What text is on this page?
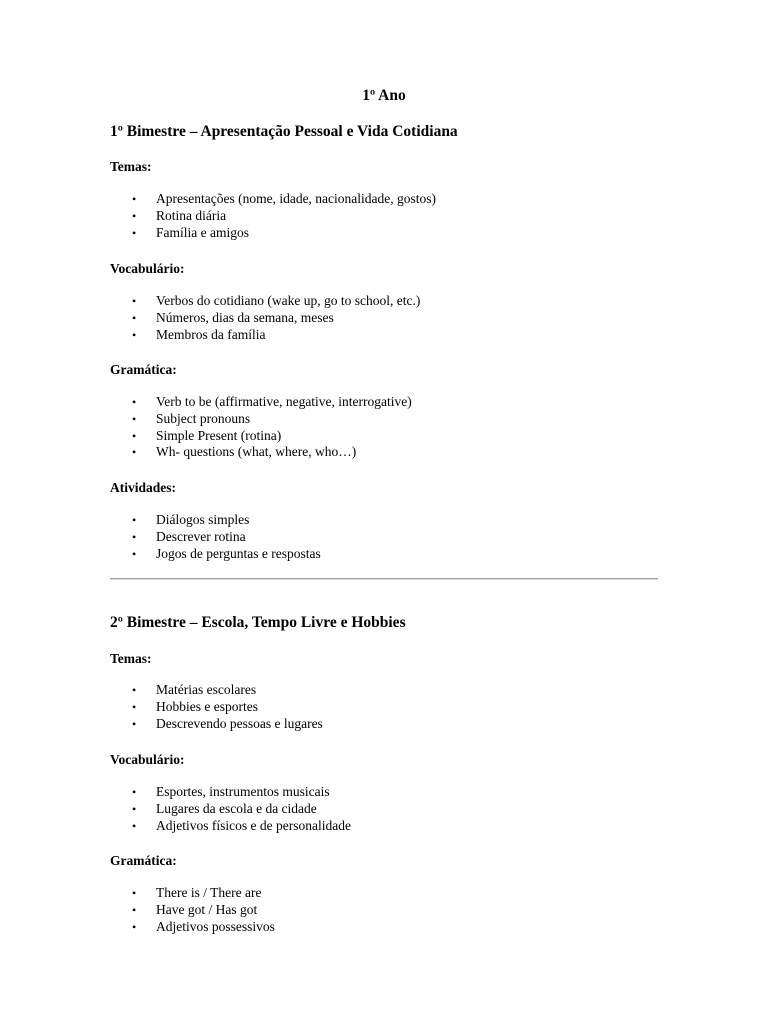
1º Ano
1º Bimestre – Apresentação Pessoal e Vida Cotidiana
Temas:
• Apresentações (nome, idade, nacionalidade, gostos)
• Rotina diária
• Família e amigos
Vocabulário:
• Verbos do cotidiano (wake up, go to school, etc.)
• Números, dias da semana, meses
• Membros da família
Gramática:
• Verb to be (affirmative, negative, interrogative)
• Subject pronouns
• Simple Present (rotina)
• Wh- questions (what, where, who…)
Atividades:
• Diálogos simples
• Descrever rotina
• Jogos de perguntas e respostas
2º Bimestre – Escola, Tempo Livre e Hobbies
Temas:
• Matérias escolares
• Hobbies e esportes
• Descrevendo pessoas e lugares
Vocabulário:
• Esportes, instrumentos musicais
• Lugares da escola e da cidade
• Adjetivos físicos e de personalidade
Gramática:
• There is / There are
• Have got / Has got
• Adjetivos possessivos
